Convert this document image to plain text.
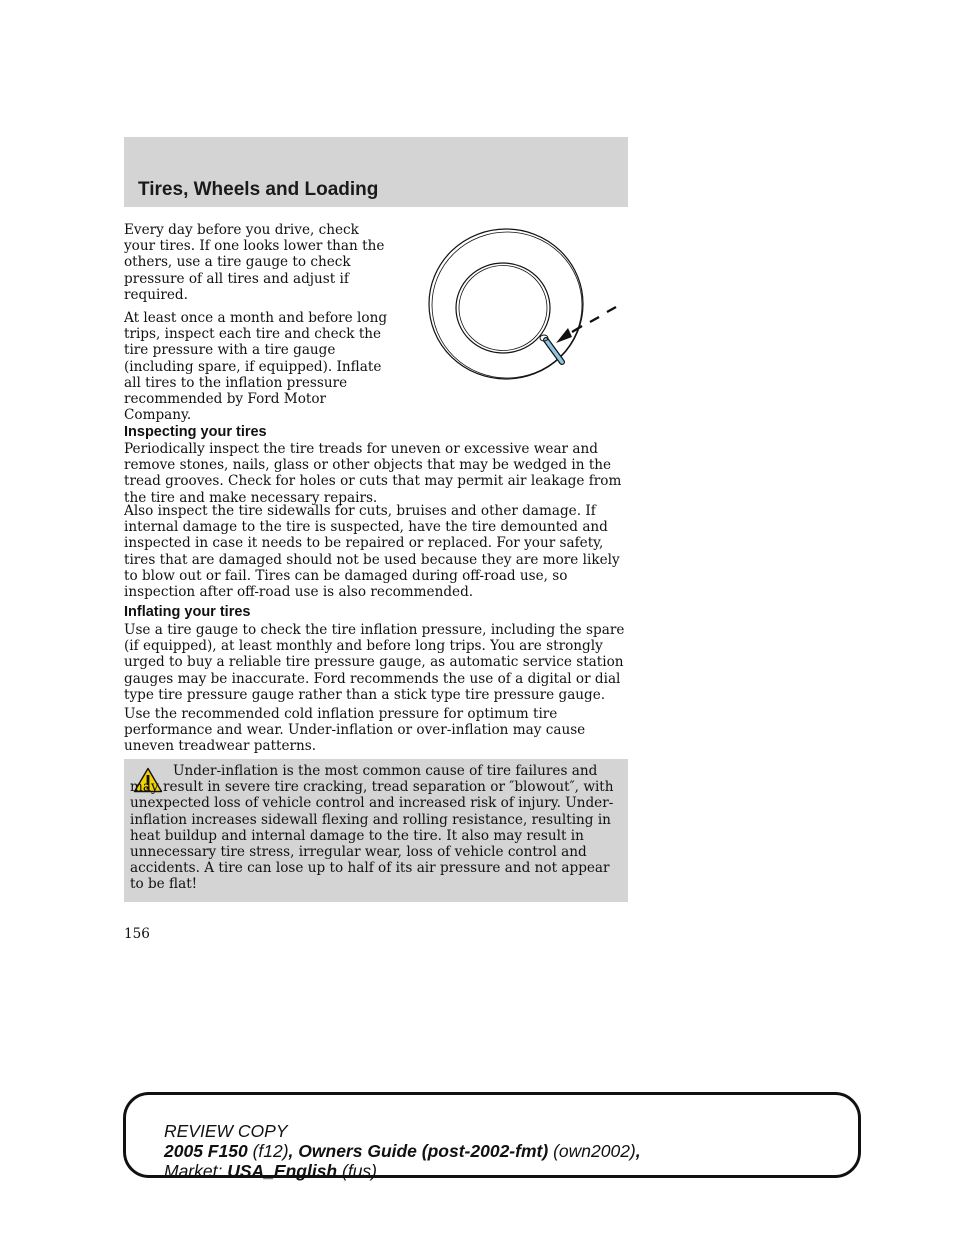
Tires, Wheels and Loading

Every day before you drive, check your tires. If one looks lower than the others, use a tire gauge to check pressure of all tires and adjust if required.

At least once a month and before long trips, inspect each tire and check the tire pressure with a tire gauge (including spare, if equipped). Inflate all tires to the inflation pressure recommended by Ford Motor Company.

Inspecting your tires

Periodically inspect the tire treads for uneven or excessive wear and remove stones, nails, glass or other objects that may be wedged in the tread grooves. Check for holes or cuts that may permit air leakage from the tire and make necessary repairs.

Also inspect the tire sidewalls for cuts, bruises and other damage. If internal damage to the tire is suspected, have the tire demounted and inspected in case it needs to be repaired or replaced. For your safety, tires that are damaged should not be used because they are more likely to blow out or fail. Tires can be damaged during off-road use, so inspection after off-road use is also recommended.

Inflating your tires

Use a tire gauge to check the tire inflation pressure, including the spare (if equipped), at least monthly and before long trips. You are strongly urged to buy a reliable tire pressure gauge, as automatic service station gauges may be inaccurate. Ford recommends the use of a digital or dial type tire pressure gauge rather than a stick type tire pressure gauge.

Use the recommended cold inflation pressure for optimum tire performance and wear. Under-inflation or over-inflation may cause uneven treadwear patterns.

Under-inflation is the most common cause of tire failures and may result in severe tire cracking, tread separation or ″blowout″, with unexpected loss of vehicle control and increased risk of injury. Under-inflation increases sidewall flexing and rolling resistance, resulting in heat buildup and internal damage to the tire. It also may result in unnecessary tire stress, irregular wear, loss of vehicle control and accidents. A tire can lose up to half of its air pressure and not appear to be flat!

156
REVIEW COPY
2005 F150 (f12), Owners Guide (post-2002-fmt) (own2002),
Market: USA_English (fus)
